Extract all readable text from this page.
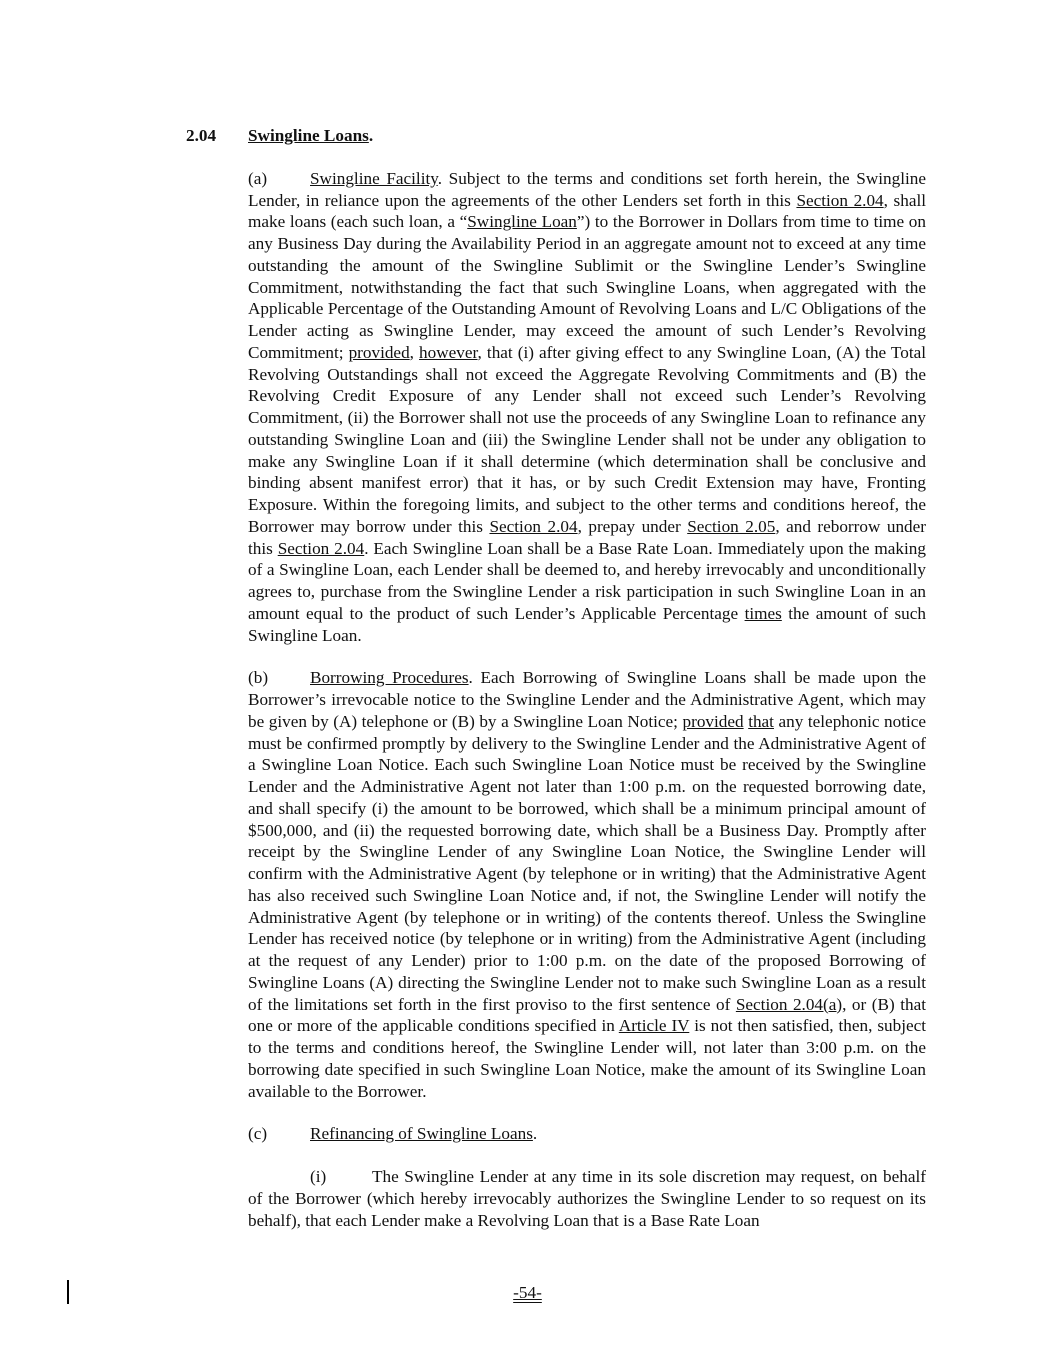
2.04 Swingline Loans.

(a) Swingline Facility. Subject to the terms and conditions set forth herein, the Swingline Lender, in reliance upon the agreements of the other Lenders set forth in this Section 2.04, shall make loans (each such loan, a “Swingline Loan”) to the Borrower in Dollars from time to time on any Business Day during the Availability Period in an aggregate amount not to exceed at any time outstanding the amount of the Swingline Sublimit or the Swingline Lender’s Swingline Commitment, notwithstanding the fact that such Swingline Loans, when aggregated with the Applicable Percentage of the Outstanding Amount of Revolving Loans and L/C Obligations of the Lender acting as Swingline Lender, may exceed the amount of such Lender’s Revolving Commitment; provided, however, that (i) after giving effect to any Swingline Loan, (A) the Total Revolving Outstandings shall not exceed the Aggregate Revolving Commitments and (B) the Revolving Credit Exposure of any Lender shall not exceed such Lender’s Revolving Commitment, (ii) the Borrower shall not use the proceeds of any Swingline Loan to refinance any outstanding Swingline Loan and (iii) the Swingline Lender shall not be under any obligation to make any Swingline Loan if it shall determine (which determination shall be conclusive and binding absent manifest error) that it has, or by such Credit Extension may have, Fronting Exposure. Within the foregoing limits, and subject to the other terms and conditions hereof, the Borrower may borrow under this Section 2.04, prepay under Section 2.05, and reborrow under this Section 2.04. Each Swingline Loan shall be a Base Rate Loan. Immediately upon the making of a Swingline Loan, each Lender shall be deemed to, and hereby irrevocably and unconditionally agrees to, purchase from the Swingline Lender a risk participation in such Swingline Loan in an amount equal to the product of such Lender’s Applicable Percentage times the amount of such Swingline Loan.

(b) Borrowing Procedures. Each Borrowing of Swingline Loans shall be made upon the Borrower’s irrevocable notice to the Swingline Lender and the Administrative Agent, which may be given by (A) telephone or (B) by a Swingline Loan Notice; provided that any telephonic notice must be confirmed promptly by delivery to the Swingline Lender and the Administrative Agent of a Swingline Loan Notice. Each such Swingline Loan Notice must be received by the Swingline Lender and the Administrative Agent not later than 1:00 p.m. on the requested borrowing date, and shall specify (i) the amount to be borrowed, which shall be a minimum principal amount of $500,000, and (ii) the requested borrowing date, which shall be a Business Day. Promptly after receipt by the Swingline Lender of any Swingline Loan Notice, the Swingline Lender will confirm with the Administrative Agent (by telephone or in writing) that the Administrative Agent has also received such Swingline Loan Notice and, if not, the Swingline Lender will notify the Administrative Agent (by telephone or in writing) of the contents thereof. Unless the Swingline Lender has received notice (by telephone or in writing) from the Administrative Agent (including at the request of any Lender) prior to 1:00 p.m. on the date of the proposed Borrowing of Swingline Loans (A) directing the Swingline Lender not to make such Swingline Loan as a result of the limitations set forth in the first proviso to the first sentence of Section 2.04(a), or (B) that one or more of the applicable conditions specified in Article IV is not then satisfied, then, subject to the terms and conditions hereof, the Swingline Lender will, not later than 3:00 p.m. on the borrowing date specified in such Swingline Loan Notice, make the amount of its Swingline Loan available to the Borrower.

(c) Refinancing of Swingline Loans.

(i)	The Swingline Lender at any time in its sole discretion may request, on behalf of the Borrower (which hereby irrevocably authorizes the Swingline Lender to so request on its behalf), that each Lender make a Revolving Loan that is a Base Rate Loan

-54-
